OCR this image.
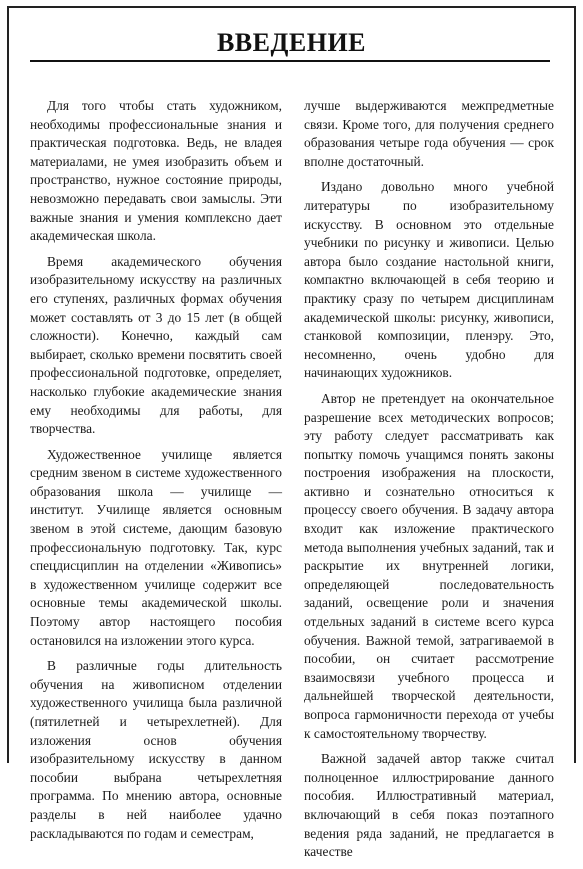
ВВЕДЕНИЕ

Для того чтобы стать художником, необходимы профессиональные знания и практическая подготовка. Ведь, не владея материалами, не умея изобразить объем и пространство, нужное состояние природы, невозможно передавать свои замыслы. Эти важные знания и умения комплексно дает академическая школа.

Время академического обучения изобразительному искусству на различных его ступенях, различных формах обучения может составлять от 3 до 15 лет (в общей сложности). Конечно, каждый сам выбирает, сколько времени посвятить своей профессиональной подготовке, определяет, насколько глубокие академические знания ему необходимы для работы, для творчества.

Художественное училище является средним звеном в системе художественного образования школа — училище — институт. Училище является основным звеном в этой системе, дающим базовую профессиональную подготовку. Так, курс спецдисциплин на отделении «Живопись» в художественном училище содержит все основные темы академической школы. Поэтому автор настоящего пособия остановился на изложении этого курса.

В различные годы длительность обучения на живописном отделении художественного училища была различной (пятилетней и четырехлетней). Для изложения основ обучения изобразительному искусству в данном пособии выбрана четырехлетняя программа. По мнению автора, основные разделы в ней наиболее удачно раскладываются по годам и семестрам,

лучше выдерживаются межпредметные связи. Кроме того, для получения среднего образования четыре года обучения — срок вполне достаточный.

Издано довольно много учебной литературы по изобразительному искусству. В основном это отдельные учебники по рисунку и живописи. Целью автора было создание настольной книги, компактно включающей в себя теорию и практику сразу по четырем дисциплинам академической школы: рисунку, живописи, станковой композиции, пленэру. Это, несомненно, очень удобно для начинающих художников.

Автор не претендует на окончательное разрешение всех методических вопросов; эту работу следует рассматривать как попытку помочь учащимся понять законы построения изображения на плоскости, активно и сознательно относиться к процессу своего обучения. В задачу автора входит как изложение практического метода выполнения учебных заданий, так и раскрытие их внутренней логики, определяющей последовательность заданий, освещение роли и значения отдельных заданий в системе всего курса обучения. Важной темой, затрагиваемой в пособии, он считает рассмотрение взаимосвязи учебного процесса и дальнейшей творческой деятельности, вопроса гармоничности перехода от учебы к самостоятельному творчеству.

Важной задачей автор также считал полноценное иллюстрирование данного пособия. Иллюстративный материал, включающий в себя показ поэтапного ведения ряда заданий, не предлагается в качестве
